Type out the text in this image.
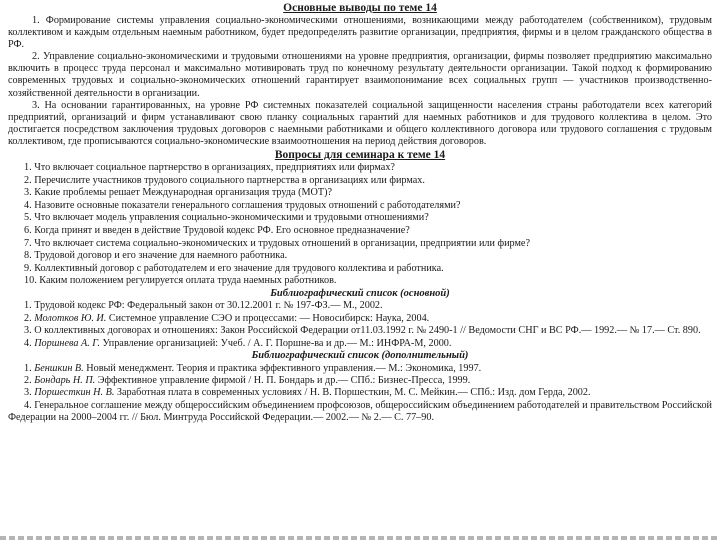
Основные выводы по теме 14

1. Формирование системы управления социально-экономическими отношениями, возникающими между работодателем (собственником), трудовым коллективом и каждым отдельным наемным работником, будет предопределять развитие организации, предприятия, фирмы и в целом гражданского общества в РФ.

2. Управление социально-экономическими и трудовыми отношениями на уровне предприятия, организации, фирмы позволяет предприятию максимально включить в процесс труда персонал и максимально мотивировать труд по конечному результату деятельности организации. Такой подход к формированию современных трудовых и социально-экономических отношений гарантирует взаимопонимание всех социальных групп — участников производственно-хозяйственной деятельности в организации.

3. На основании гарантированных, на уровне РФ системных показателей социальной защищенности населения страны работодатели всех категорий предприятий, организаций и фирм устанавливают свою планку социальных гарантий для наемных работников и для трудового коллектива в целом. Это достигается посредством заключения трудовых договоров с наемными работниками и общего коллективного договора или трудового соглашения с трудовым коллективом, где прописываются социально-экономические взаимоотношения на период действия договоров.

Вопросы для семинара к теме 14
1. Что включает социальное партнерство в организациях, предприятиях или фирмах?
2. Перечислите участников трудового социального партнерства в организациях или фирмах.
3. Какие проблемы решает Международная организация труда (МОТ)?
4. Назовите основные показатели генерального соглашения трудовых отношений с работодателями?
5. Что включает модель управления социально-экономическими и трудовыми отношениями?
6. Когда принят и введен в действие Трудовой кодекс РФ. Его основное предназначение?
7. Что включает система социально-экономических и трудовых отношений в организации, предприятии или фирме?
8. Трудовой договор и его значение для наемного работника.
9. Коллективный договор с работодателем и его значение для трудового коллектива и работника.
10. Каким положением регулируется оплата труда наемных работников.
Библиографический список (основной)
1. Трудовой кодекс РФ: Федеральный закон от 30.12.2001 г. № 197-ФЗ.— М., 2002.
2. Молотков Ю. И. Системное управление СЭО и процессами: — Новосибирск: Наука, 2004.
3. О коллективных договорах и отношениях: Закон Российской Федерации от11.03.1992 г. № 2490-1 // Ведомости СНГ и ВС РФ.— 1992.— № 17.— Ст. 890.
4. Поршнева А. Г. Управление организацией: Учеб. / А. Г. Поршне-ва и др.— М.: ИНФРА-М, 2000.
Библиографический список (дополнительный)
1. Беншкин В. Новый менеджмент. Теория и практика эффективного управления.— М.: Экономика, 1997.
2. Бондарь Н. П. Эффективное управление фирмой / Н. П. Бондарь и др.— СПб.: Бизнес-Пресса, 1999.
3. Поршесткин Н. В. Заработная плата в современных условиях / Н. В. Поршесткин, М. С. Мейкин.— СПб.: Изд. дом Герда, 2002.
4. Генеральное соглашение между общероссийским объединением профсоюзов, общероссийским объединением работодателей и правительством Российской Федерации на 2000–2004 гг. // Бюл. Минтруда Российской Федерации.— 2002.— № 2.— С. 77–90.
